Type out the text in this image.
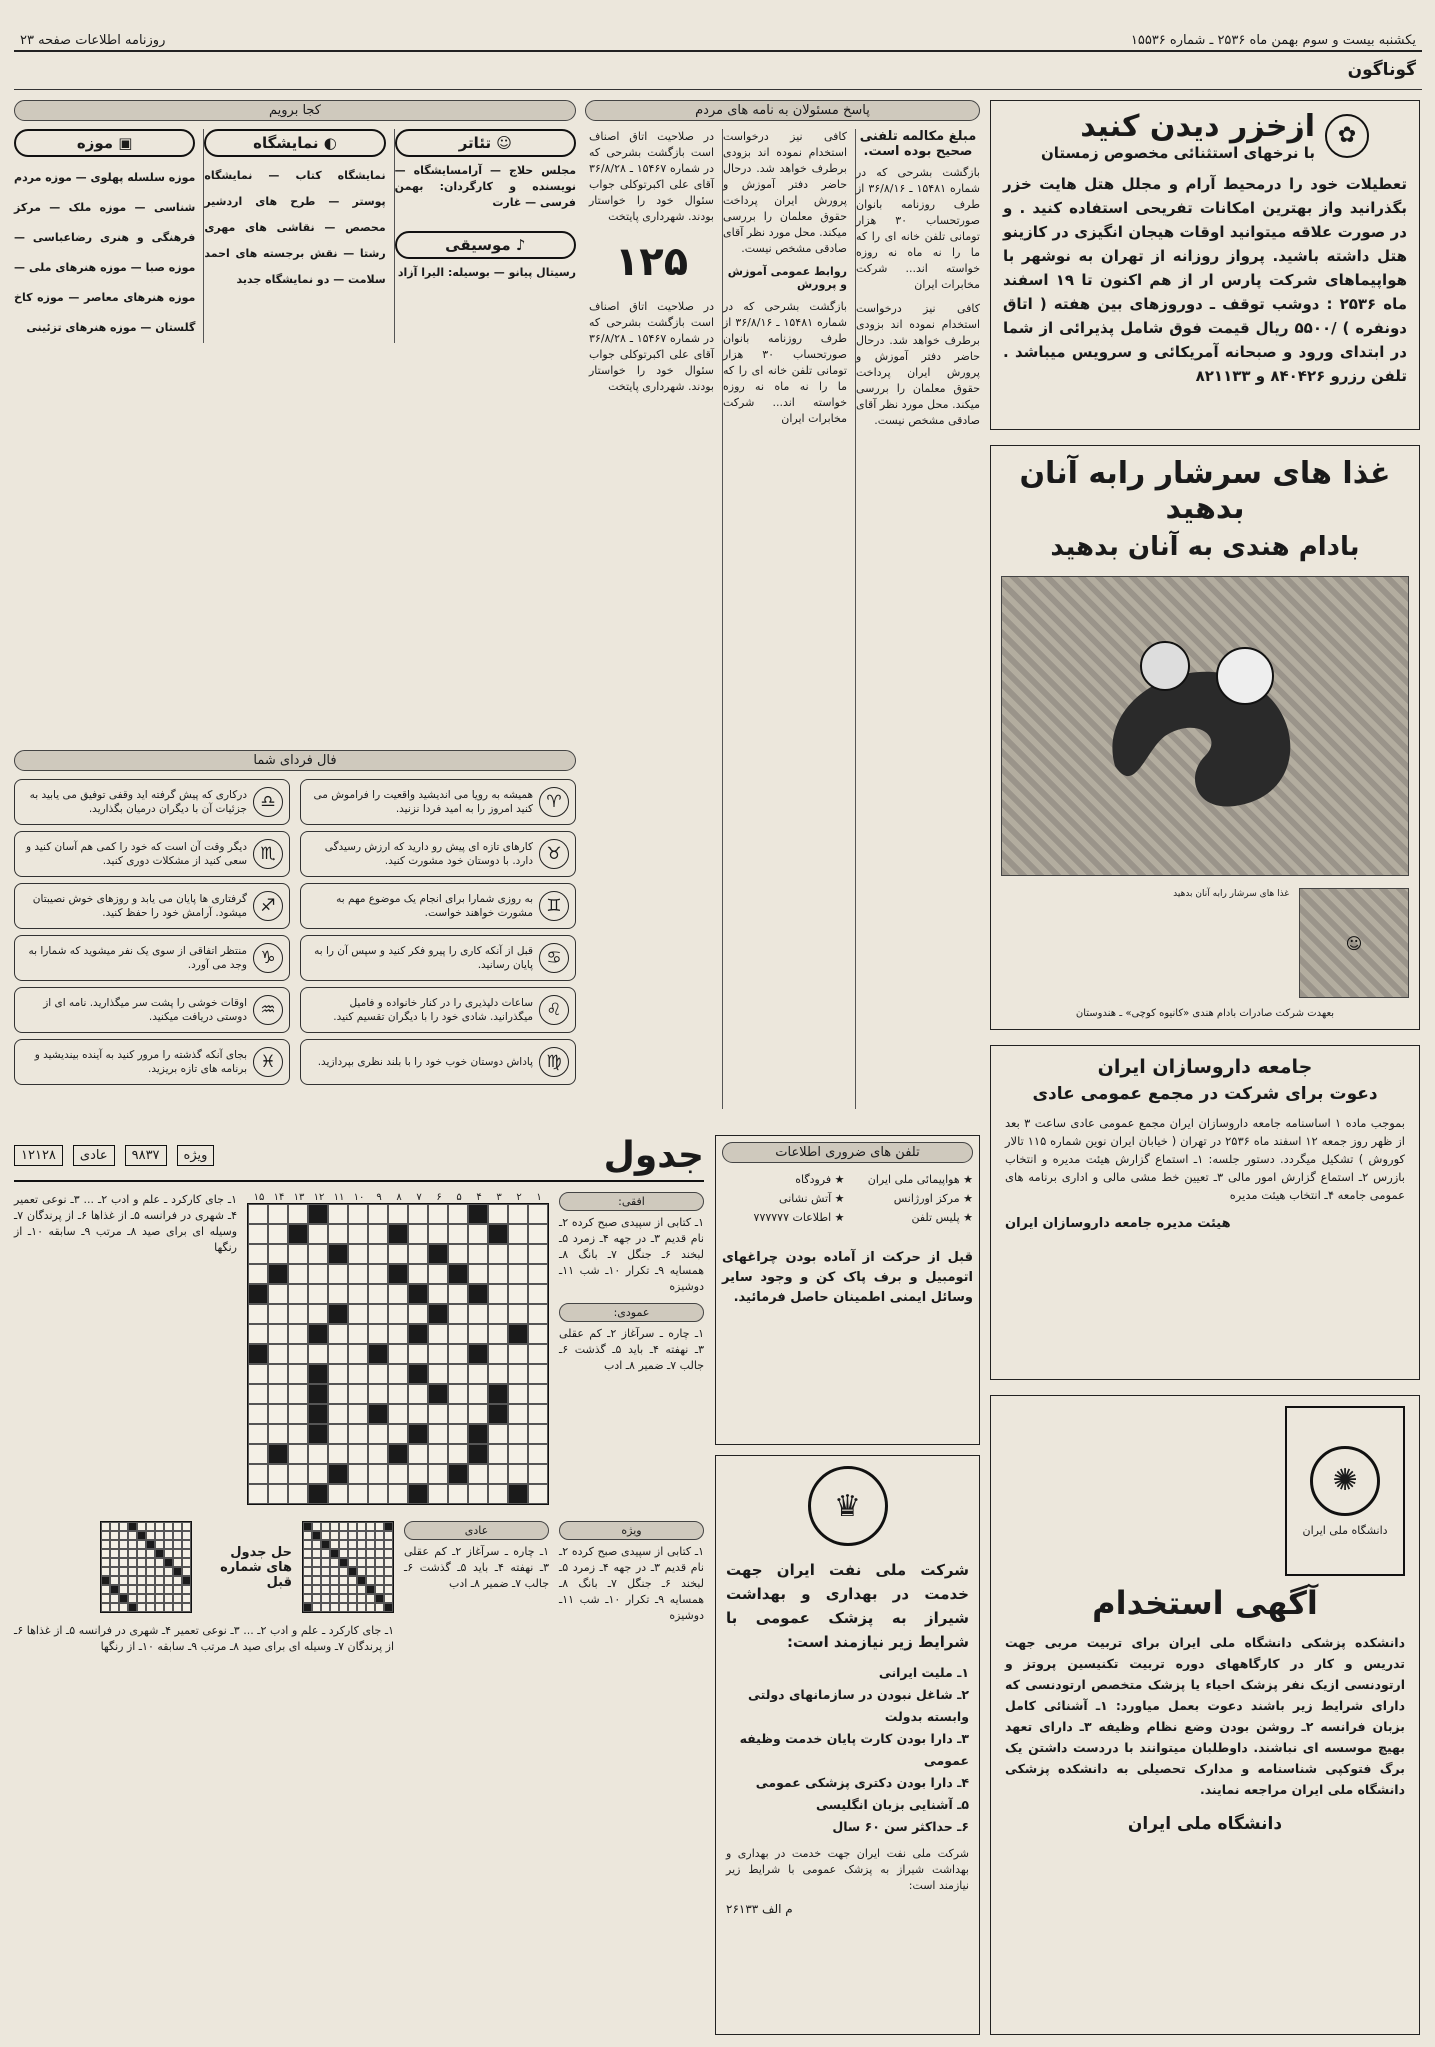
یکشنبه بیست و سوم بهمن ماه ۲۵۳۶ ـ شماره ۱۵۵۳۶
روزنامه اطلاعات صفحه ۲۳
گوناگون
✿
ازخزر دیدن کنید
با نرخهای استثنائی مخصوص زمستان
تعطیلات خود را درمحیط آرام و مجلل هتل هایت خزر بگذرانید واز بهترین امکانات تفریحی استفاده کنید . و در صورت علاقه میتوانید اوقات هیجان انگیزی در کازینو هتل داشته باشید. پرواز روزانه از تهران به نوشهر با هواپیماهای شرکت پارس ار از هم اکنون تا ۱۹ اسفند ماه ۲۵۳۶ : دوشب توقف ـ دوروزهای بین هفته ( اتاق دونفره ) /۵۵۰۰ ریال قیمت فوق شامل پذیرائی از شما در ابتدای ورود و صبحانه آمریکائی و سرویس میباشد . تلفن رزرو ۸۴۰۴۲۶ و ۸۲۱۱۳۳
غذا های سرشار رابه آنان بدهید
بادام هندی به آنان بدهید
☺
غذا های سرشار رابه آنان بدهید
بعهدت شرکت صادرات بادام هندی «کانیوه کوچی» ـ هندوستان
جامعه داروسازان ایران
دعوت برای شرکت در مجمع عمومی عادی
بموجب ماده ۱ اساسنامه جامعه داروسازان ایران مجمع عمومی عادی ساعت ۳ بعد از ظهر روز جمعه ۱۲ اسفند ماه ۲۵۳۶ در تهران ( خیابان ایران نوین شماره ۱۱۵ تالار کوروش ) تشکیل میگردد. دستور جلسه: ۱ـ استماع گزارش هیئت مدیره و انتخاب بازرس ۲ـ استماع گزارش امور مالی ۳ـ تعیین خط مشی مالی و اداری برنامه های عمومی جامعه ۴ـ انتخاب هیئت مدیره
هیئت مدیره جامعه داروسازان ایران
✺
دانشگاه ملی ایران
آگهی استخدام
دانشکده پزشکی دانشگاه ملی ایران برای تربیت مربی جهت تدریس و کار در کارگاههای دوره تربیت تکنیسین پروتز و ارتودنسی ازیک نفر پزشک احیاء یا پزشک متخصص ارتودنسی که دارای شرایط زیر باشند دعوت بعمل میاورد: ۱ـ آشنائی کامل بزبان فرانسه ۲ـ روشن بودن وضع نظام وظیفه ۳ـ دارای تعهد بهیچ موسسه ای نباشند. داوطلبان میتوانند با دردست داشتن یک برگ فتوکپی شناسنامه و مدارک تحصیلی به دانشکده پزشکی دانشگاه ملی ایران مراجعه نمایند.
دانشگاه ملی ایران
پاسخ مسئولان به نامه های مردم
مبلغ مکالمه تلفنی صحیح بوده است.
بازگشت بشرحی که در شماره ۱۵۴۸۱ ـ ۳۶/۸/۱۶ از طرف روزنامه بانوان صورتحساب ۳۰ هزار تومانی تلفن خانه ای را که ما را نه ماه نه روزه خواسته اند... شرکت مخابرات ایران
کافی نیز درخواست استخدام نموده اند بزودی برطرف خواهد شد. درحال حاضر دفتر آموزش و پرورش ایران پرداخت حقوق معلمان را بررسی میکند. محل مورد نظر آقای صادقی مشخص نیست.
کافی نیز درخواست استخدام نموده اند بزودی برطرف خواهد شد. درحال حاضر دفتر آموزش و پرورش ایران پرداخت حقوق معلمان را بررسی میکند. محل مورد نظر آقای صادقی مشخص نیست.
روابط عمومی آموزش و پرورش
بازگشت بشرحی که در شماره ۱۵۴۸۱ ـ ۳۶/۸/۱۶ از طرف روزنامه بانوان صورتحساب ۳۰ هزار تومانی تلفن خانه ای را که ما را نه ماه نه روزه خواسته اند... شرکت مخابرات ایران
در صلاحیت اتاق اصناف است بازگشت بشرحی که در شماره ۱۵۴۶۷ ـ ۳۶/۸/۲۸ آقای علی اکبرتوکلی جواب سئوال خود را خواستار بودند. شهرداری پایتخت
۱۲۵
در صلاحیت اتاق اصناف است بازگشت بشرحی که در شماره ۱۵۴۶۷ ـ ۳۶/۸/۲۸ آقای علی اکبرتوکلی جواب سئوال خود را خواستار بودند. شهرداری پایتخت
کجا برویم
☺ تئاتر
مجلس حلاج — آرامسایشگاه — نویسنده و کارگردان: بهمن فرسی — غارت
♪ موسیقی
رسیتال پیانو — بوسیله: الیرا آزاد
◐ نمایشگاه
نمایشگاه کتاب — نمایشگاه پوستر — طرح های اردشیر محصص — نقاشی های مهری رشتا — نقش برجسته های احمد سلامت — دو نمایشگاه جدید
▣ موزه
موزه سلسله پهلوی — موزه مردم شناسی — موزه ملک — مرکز فرهنگی و هنری رضاعباسی — موزه صبا — موزه هنرهای ملی — موزه هنرهای معاصر — موزه کاخ گلستان — موزه هنرهای تزئینی
فال فردای شما
♈
همیشه به رویا می اندیشید واقعیت را فراموش می کنید امروز را به امید فردا نزنید.
♎
درکاری که پیش گرفته اید وقفی توفیق می یابید به جزئیات آن با دیگران درمیان بگذارید.
♉
کارهای تازه ای پیش رو دارید که ارزش رسیدگی دارد. با دوستان خود مشورت کنید.
♏
دیگر وقت آن است که خود را کمی هم آسان کنید و سعی کنید از مشکلات دوری کنید.
♊
به روزی شمارا برای انجام یک موضوع مهم به مشورت خواهند خواست.
♐
گرفتاری ها پایان می یابد و روزهای خوش نصیبتان میشود. آرامش خود را حفظ کنید.
♋
قبل از آنکه کاری را پیرو فکر کنید و سپس آن را به پایان رسانید.
♑
منتظر اتفاقی از سوی یک نفر میشوید که شمارا به وجد می آورد.
♌
ساعات دلپذیری را در کنار خانواده و فامیل میگذرانید. شادی خود را با دیگران تقسیم کنید.
♒
اوقات خوشی را پشت سر میگذارید. نامه ای از دوستی دریافت میکنید.
♍
پاداش دوستان خوب خود را با بلند نظری بپردازید.
♓
بجای آنکه گذشته را مرور کنید به آینده بیندیشید و برنامه های تازه بریزید.
تلفن های ضروری اطلاعات
★ هواپیمائی ملی ایران
★ فرودگاه
★ مرکز اورژانس
★ آتش نشانی
★ پلیس تلفن
★ اطلاعات ۷۷۷۷۷۷
قبل از حرکت از آماده بودن چراغهای اتومبیل و برف پاک کن و وجود سایر وسائل ایمنی اطمینان حاصل فرمائید.
♛
شرکت ملی نفت ایران جهت خدمت در بهداری و بهداشت شیراز به پزشک عمومی با شرایط زیر نیازمند است:
۱ـ ملیت ایرانی
۲ـ شاغل نبودن در سازمانهای دولتی وابسته بدولت
۳ـ دارا بودن کارت پایان خدمت وظیفه عمومی
۴ـ دارا بودن دکتری پزشکی عمومی
۵ـ آشنایی بزبان انگلیسی
۶ـ حداکثر سن ۶۰ سال
شرکت ملی نفت ایران جهت خدمت در بهداری و بهداشت شیراز به پزشک عمومی با شرایط زیر نیازمند است:
م الف ۲۶۱۳۳
جدول
ویژه
۹۸۳۷
عادی
۱۲۱۲۸
افقی:
۱ـ کتابی از سپیدی صبح کرده ۲ـ نام قدیم ۳ـ در جهه ۴ـ زمرد ۵ـ لبخند ۶ـ جنگل ۷ـ بانگ ۸ـ همسایه ۹ـ تکرار ۱۰ـ شب ۱۱ـ دوشیزه
عمودی:
۱ـ چاره ـ سرآغاز ۲ـ کم عقلی ۳ـ نهفته ۴ـ باید ۵ـ گذشت ۶ـ جالب ۷ـ ضمیر ۸ـ ادب
۱
۲
۳
۴
۵
۶
۷
۸
۹
۱۰
۱۱
۱۲
۱۳
۱۴
۱۵
۱ـ جای کارکرد ـ علم و ادب ۲ـ ... ۳ـ نوعی تعمیر ۴ـ شهری در فرانسه ۵ـ از غذاها ۶ـ از پرندگان ۷ـ وسیله ای برای صید ۸ـ مرتب ۹ـ سابقه ۱۰ـ از رنگها
ویژه
۱ـ کتابی از سپیدی صبح کرده ۲ـ نام قدیم ۳ـ در جهه ۴ـ زمرد ۵ـ لبخند ۶ـ جنگل ۷ـ بانگ ۸ـ همسایه ۹ـ تکرار ۱۰ـ شب ۱۱ـ دوشیزه
عادی
۱ـ چاره ـ سرآغاز ۲ـ کم عقلی ۳ـ نهفته ۴ـ باید ۵ـ گذشت ۶ـ جالب ۷ـ ضمیر ۸ـ ادب
حل جدول های شماره قبل
۱ـ جای کارکرد ـ علم و ادب ۲ـ ... ۳ـ نوعی تعمیر ۴ـ شهری در فرانسه ۵ـ از غذاها ۶ـ از پرندگان ۷ـ وسیله ای برای صید ۸ـ مرتب ۹ـ سابقه ۱۰ـ از رنگها
